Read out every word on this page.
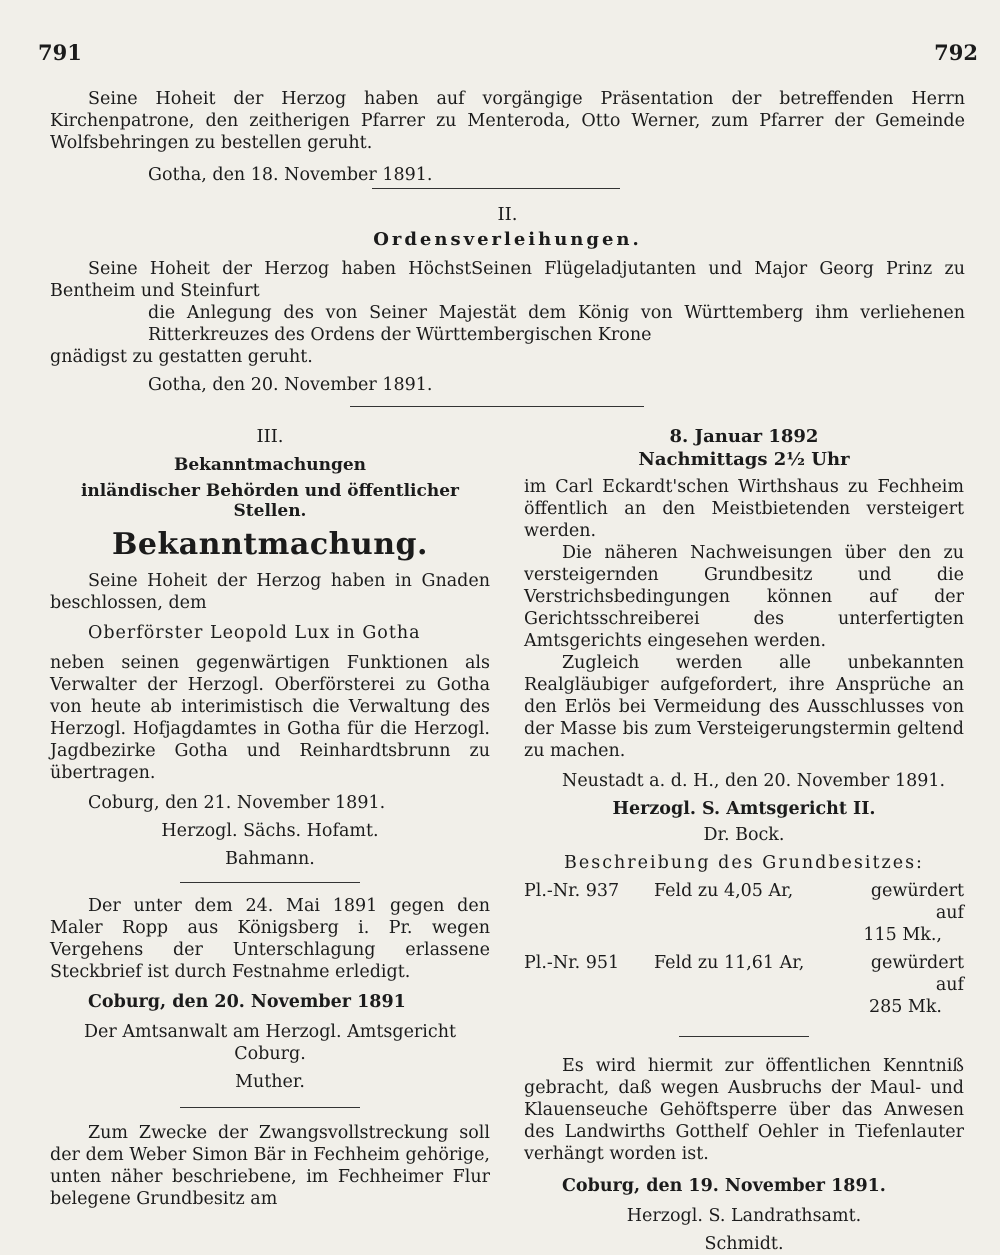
791	792

Seine Hoheit der Herzog haben auf vorgängige Präsentation der betreffenden Herrn Kirchenpatrone, den zeitherigen Pfarrer zu Menteroda, Otto Werner, zum Pfarrer der Gemeinde Wolfsbehringen zu bestellen geruht.

Gotha, den 18. November 1891.

II.

Ordensverleihungen.

Seine Hoheit der Herzog haben HöchstSeinen Flügeladjutanten und Major Georg Prinz zu Bentheim und Steinfurt

die Anlegung des von Seiner Majestät dem König von Württemberg ihm verliehenen Ritterkreuzes des Ordens der Württembergischen Krone

gnädigst zu gestatten geruht.

Gotha, den 20. November 1891.

III.

Bekanntmachungen

inländischer Behörden und öffentlicher Stellen.

Bekanntmachung.

Seine Hoheit der Herzog haben in Gnaden beschlossen, dem

Oberförster Leopold Lux in Gotha

neben seinen gegenwärtigen Funktionen als Verwalter der Herzogl. Oberförsterei zu Gotha von heute ab interimistisch die Verwaltung des Herzogl. Hofjagdamtes in Gotha für die Herzogl. Jagdbezirke Gotha und Reinhardtsbrunn zu übertragen.

Coburg, den 21. November 1891.

Herzogl. Sächs. Hofamt.

Bahmann.

Der unter dem 24. Mai 1891 gegen den Maler Ropp aus Königsberg i. Pr. wegen Vergehens der Unterschlagung erlassene Steckbrief ist durch Festnahme erledigt.

Coburg, den 20. November 1891

Der Amtsanwalt am Herzogl. Amtsgericht Coburg.

Muther.

Zum Zwecke der Zwangsvollstreckung soll der dem Weber Simon Bär in Fechheim gehörige, unten näher beschriebene, im Fechheimer Flur belegene Grundbesitz am

8. Januar 1892

Nachmittags 2½ Uhr

im Carl Eckardt'schen Wirthshaus zu Fechheim öffentlich an den Meistbietenden versteigert werden.

Die näheren Nachweisungen über den zu versteigernden Grundbesitz und die Verstrichsbedingungen können auf der Gerichtsschreiberei des unterfertigten Amtsgerichts eingesehen werden.

Zugleich werden alle unbekannten Realgläubiger aufgefordert, ihre Ansprüche an den Erlös bei Vermeidung des Ausschlusses von der Masse bis zum Versteigerungstermin geltend zu machen.

Neustadt a. d. H., den 20. November 1891.

Herzogl. S. Amtsgericht II.

Dr. Bock.

Beschreibung des Grundbesitzes:

Pl.-Nr. 937	Feld zu 4,05 Ar,	gewürdert auf
115 Mk.,
Pl.-Nr. 951	Feld zu 11,61 Ar,	gewürdert auf
285 Mk.

Es wird hiermit zur öffentlichen Kenntniß gebracht, daß wegen Ausbruchs der Maul- und Klauenseuche Gehöftsperre über das Anwesen des Landwirths Gotthelf Oehler in Tiefenlauter verhängt worden ist.

Coburg, den 19. November 1891.

Herzogl. S. Landrathsamt.

Schmidt.
